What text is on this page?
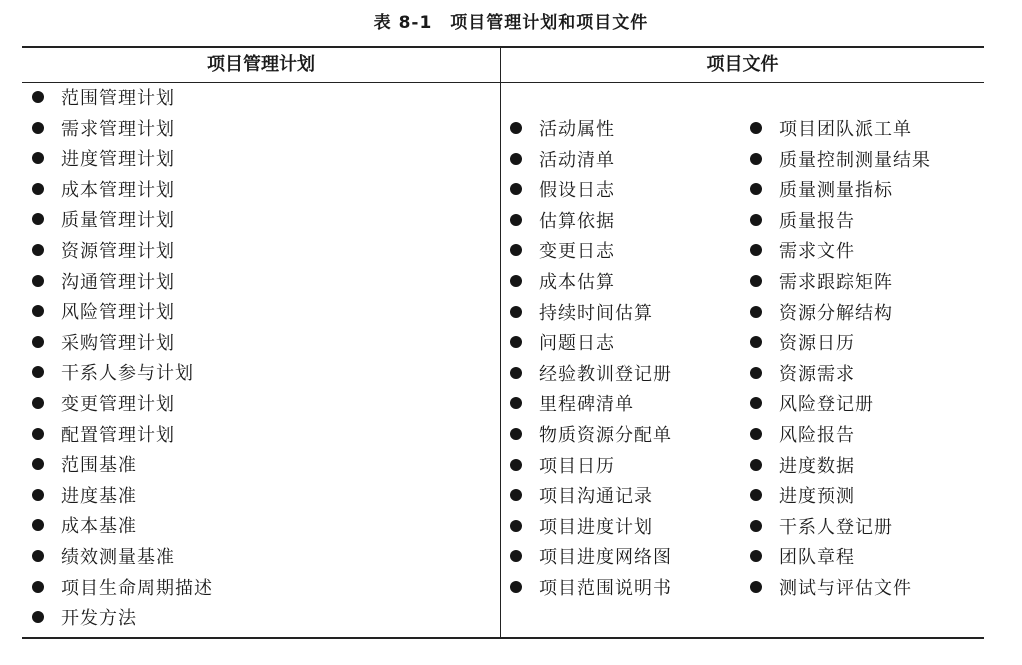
表 8-1　项目管理计划和项目文件
项目管理计划	项目文件
范围管理计划
需求管理计划
进度管理计划
成本管理计划
质量管理计划
资源管理计划
沟通管理计划
风险管理计划
采购管理计划
干系人参与计划
变更管理计划
配置管理计划
范围基准
进度基准
成本基准
绩效测量基准
项目生命周期描述
开发方法
活动属性
活动清单
假设日志
估算依据
变更日志
成本估算
持续时间估算
问题日志
经验教训登记册
里程碑清单
物质资源分配单
项目日历
项目沟通记录
项目进度计划
项目进度网络图
项目范围说明书
项目团队派工单
质量控制测量结果
质量测量指标
质量报告
需求文件
需求跟踪矩阵
资源分解结构
资源日历
资源需求
风险登记册
风险报告
进度数据
进度预测
干系人登记册
团队章程
测试与评估文件
